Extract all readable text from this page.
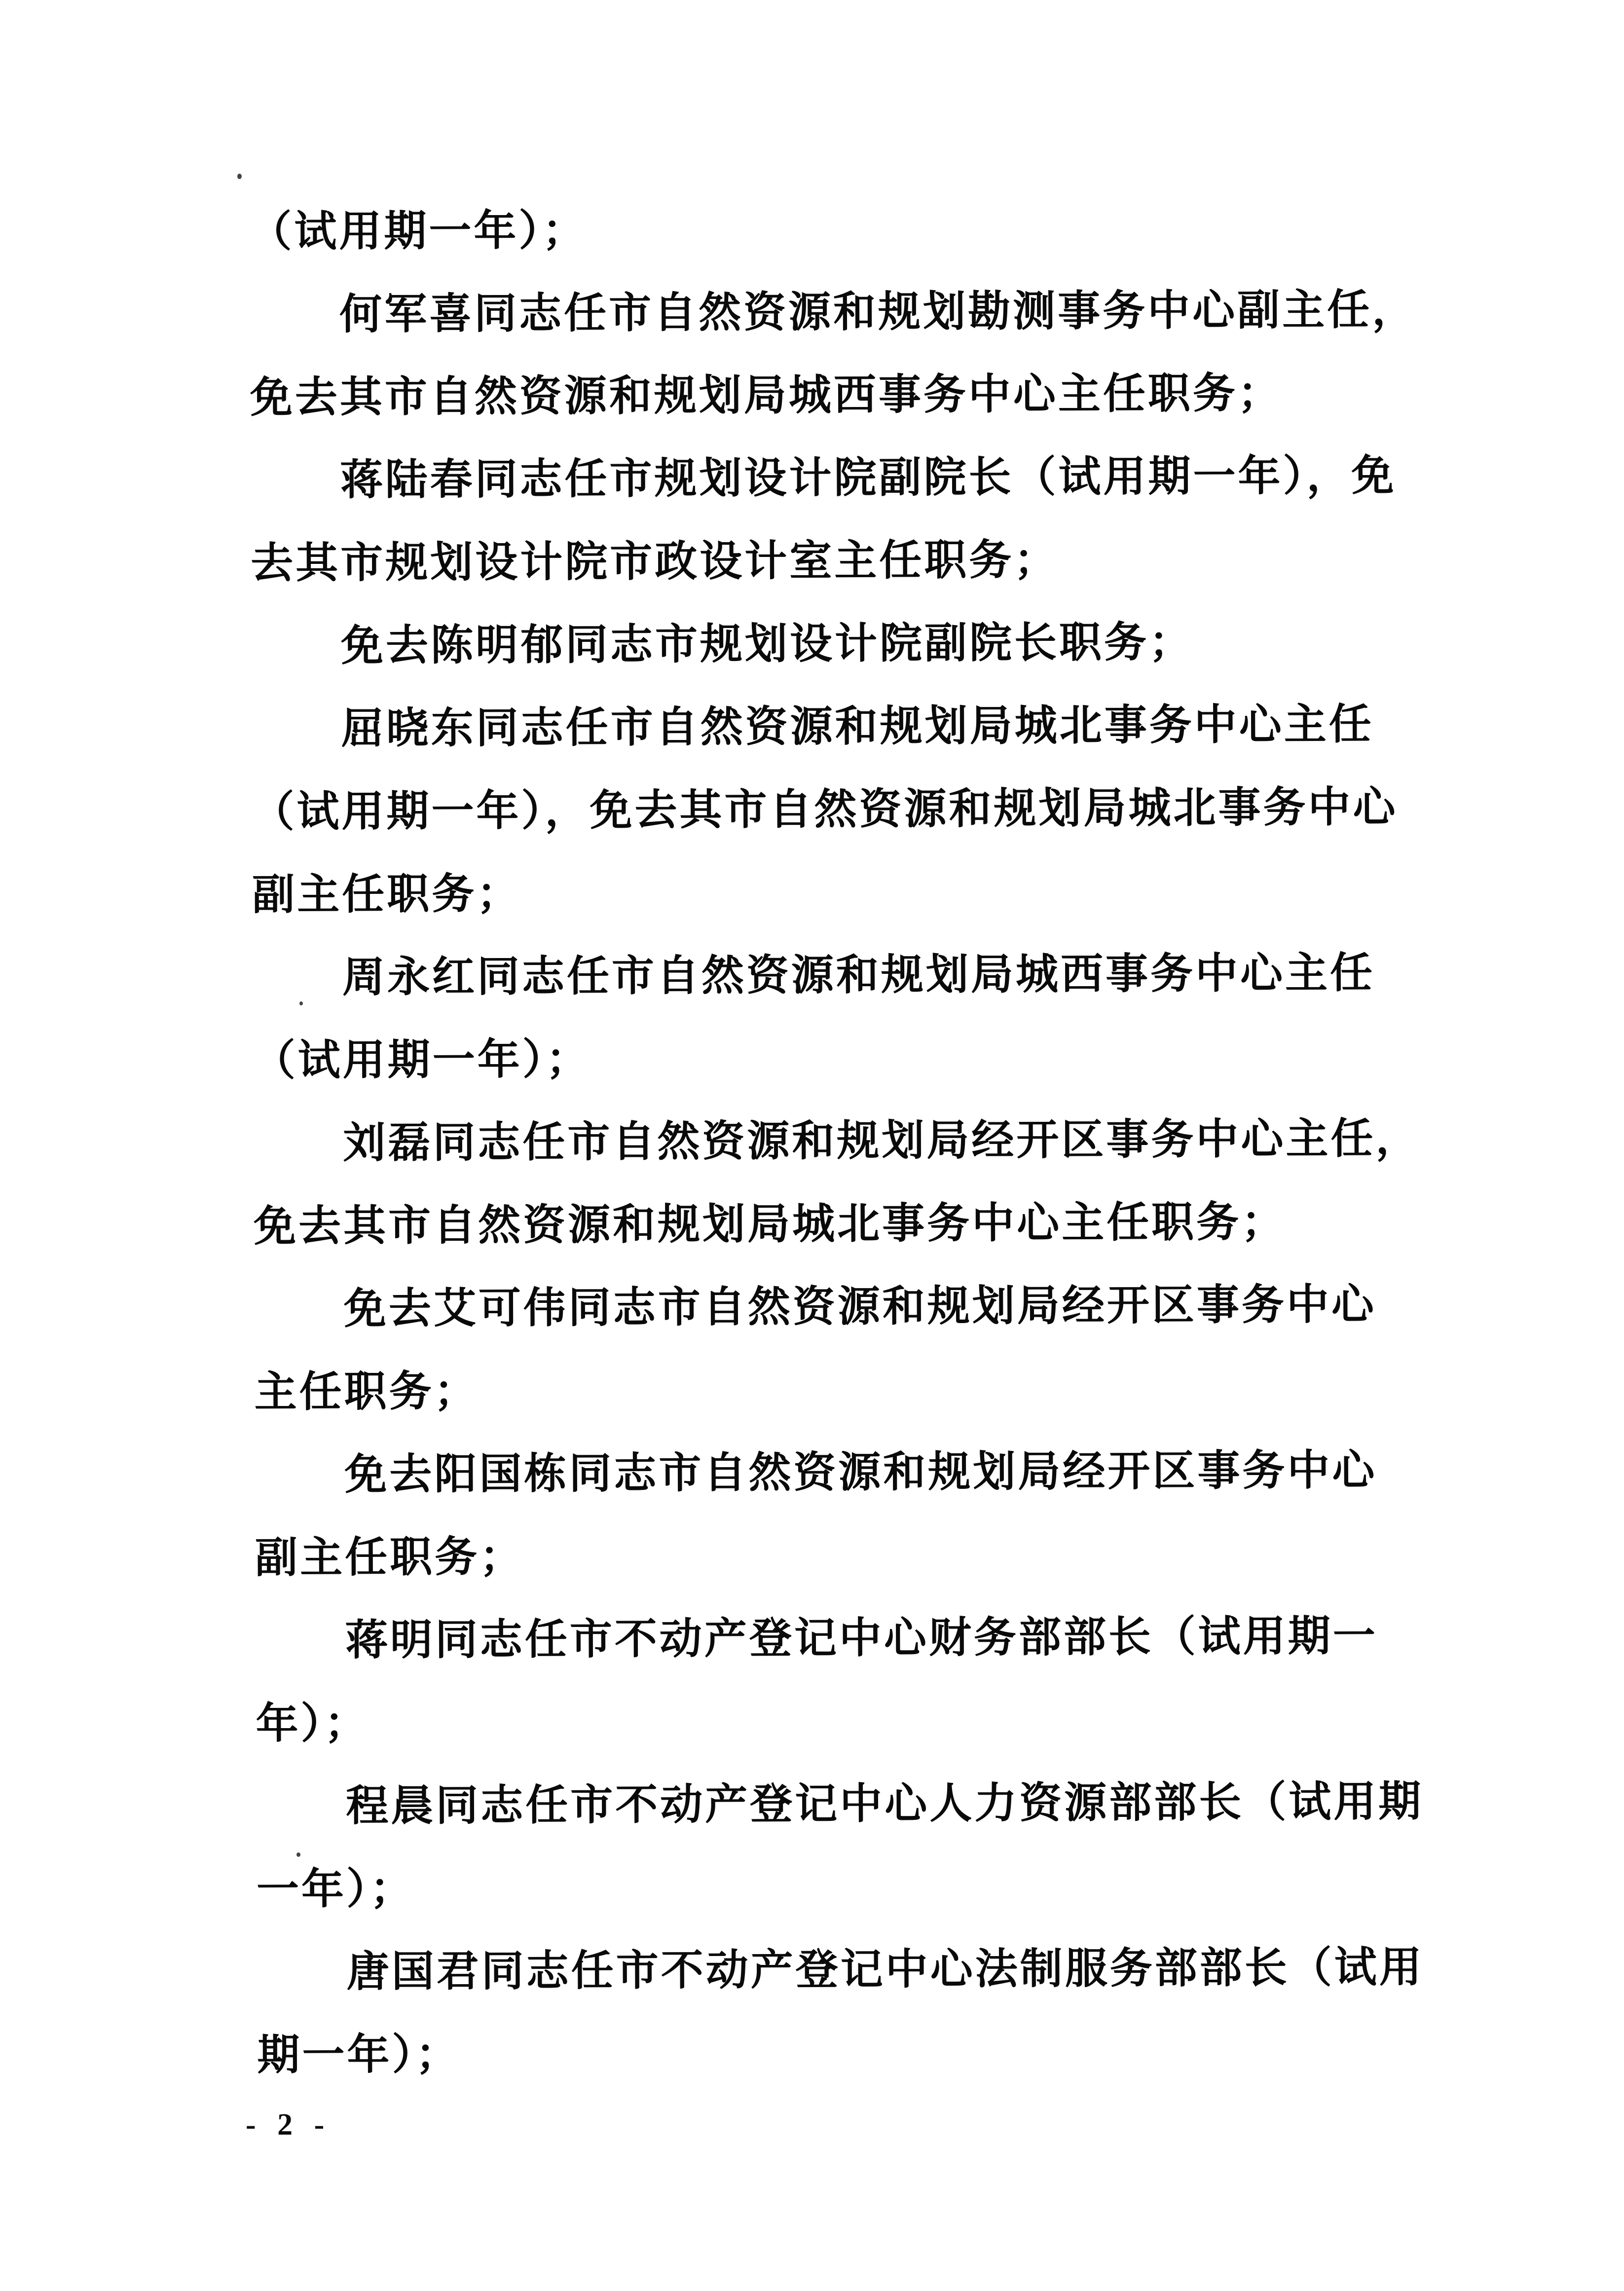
（试用期一年）；
何军喜同志任市自然资源和规划勘测事务中心副主任，
免去其市自然资源和规划局城西事务中心主任职务；
蒋陆春同志任市规划设计院副院长（试用期一年），免
去其市规划设计院市政设计室主任职务；
免去陈明郁同志市规划设计院副院长职务；
屈晓东同志任市自然资源和规划局城北事务中心主任
（试用期一年），免去其市自然资源和规划局城北事务中心
副主任职务；
周永红同志任市自然资源和规划局城西事务中心主任
（试用期一年）；
刘磊同志任市自然资源和规划局经开区事务中心主任，
免去其市自然资源和规划局城北事务中心主任职务；
免去艾可伟同志市自然资源和规划局经开区事务中心
主任职务；
免去阳国栋同志市自然资源和规划局经开区事务中心
副主任职务；
蒋明同志任市不动产登记中心财务部部长（试用期一
年）；
程晨同志任市不动产登记中心人力资源部部长（试用期
一年）；
唐国君同志任市不动产登记中心法制服务部部长（试用
期一年）；
- 2 -
